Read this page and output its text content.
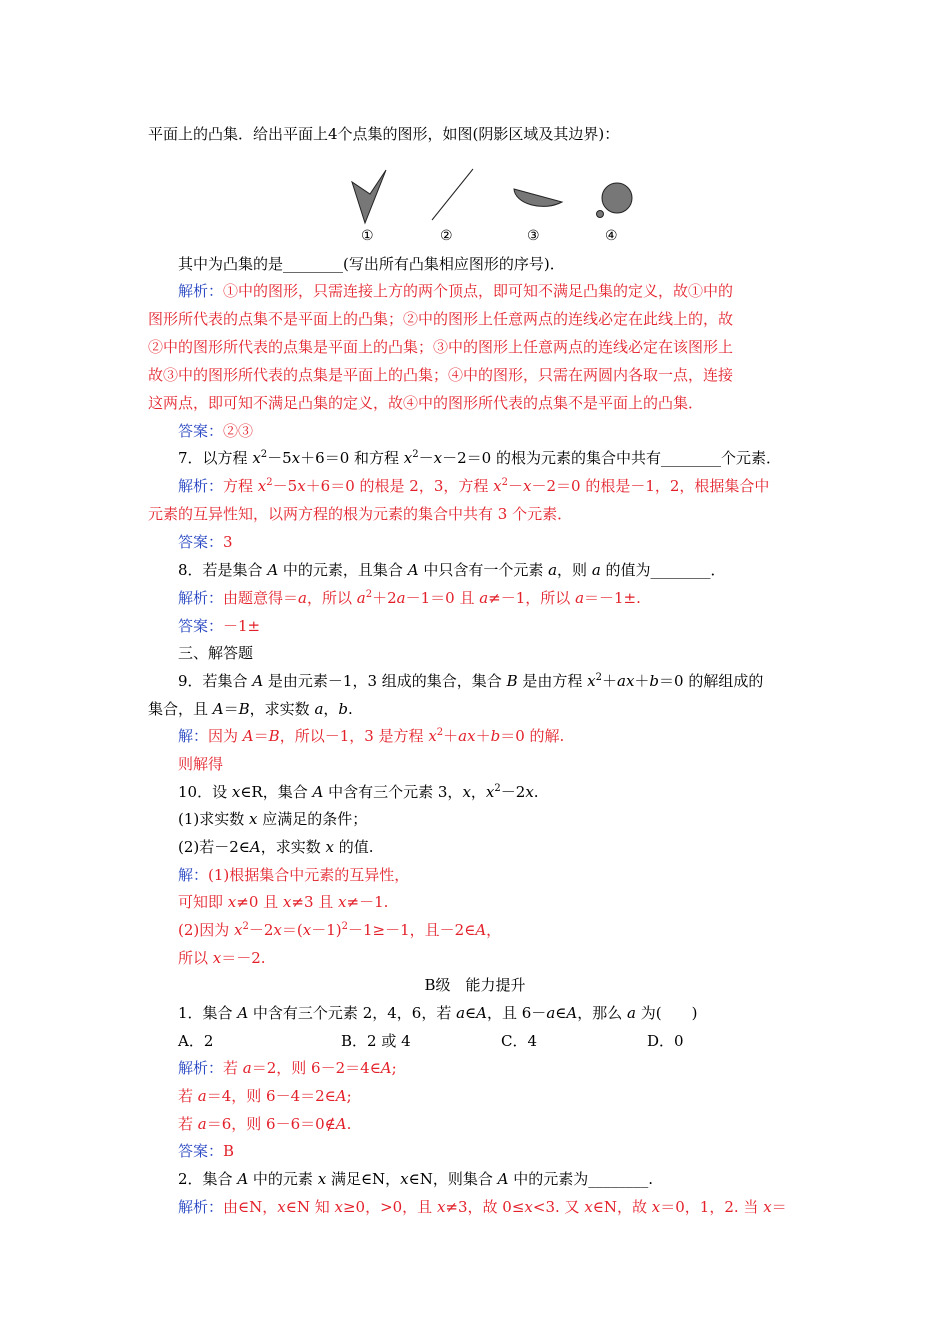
平面上的凸集．给出平面上4个点集的图形，如图(阴影区域及其边界)：
①	②	③	④
其中为凸集的是________(写出所有凸集相应图形的序号)．
解析：①中的图形，只需连接上方的两个顶点，即可知不满足凸集的定义，故①中的
图形所代表的点集不是平面上的凸集；②中的图形上任意两点的连线必定在此线上的，故
②中的图形所代表的点集是平面上的凸集；③中的图形上任意两点的连线必定在该图形上
故③中的图形所代表的点集是平面上的凸集；④中的图形，只需在两圆内各取一点，连接
这两点，即可知不满足凸集的定义，故④中的图形所代表的点集不是平面上的凸集．
答案：②③
7．以方程 $x^2-5x+6=0$ 和方程 $x^2-x-2=0$ 的根为元素的集合中共有________个元素．
解析：方程 $x^2-5x+6=0$ 的根是 2，3，方程 $x^2-x-2=0$ 的根是－1，2，根据集合中
元素的互异性知，以两方程的根为元素的集合中共有 3 个元素．
答案：3
8．若是集合 A 中的元素，且集合 A 中只含有一个元素 a，则 a 的值为________．
解析：由题意得＝a，所以 $a^2+2a-1=0$ 且 a≠－1，所以 a＝－1±.
答案：－1±
三、解答题
9．若集合 A 是由元素－1，3 组成的集合，集合 B 是由方程 $x^2+ax+b=0$ 的解组成的
集合，且 A＝B，求实数 a，b.
解：因为 A＝B，所以－1，3 是方程 $x^2+ax+b=0$ 的解.
则解得
10．设 x∈R，集合 A 中含有三个元素 3，x，$x^2-2x$.
(1)求实数 x 应满足的条件；
(2)若－2∈A，求实数 x 的值.
解：(1)根据集合中元素的互异性，
可知即 x≠0 且 x≠3 且 x≠－1.
(2)因为 $x^2-2x=(x-1)^2-1\ge-1$，且－2∈A，
所以 x＝－2.
B级　能力提升
1．集合 A 中含有三个元素 2，4，6，若 a∈A，且 6－a∈A，那么 a 为(　　)
A．2	B．2 或 4	C．4	D．0
解析：若 a＝2，则 6－2＝4∈A;
若 a＝4，则 6－4＝2∈A;
若 a＝6，则 6－6＝0∉A.
答案：B
2．集合 A 中的元素 x 满足∈N，x∈N，则集合 A 中的元素为________.
解析：由∈N，x∈N 知 x≥0，>0，且 x≠3，故 0≤x<3. 又 x∈N，故 x＝0，1，2. 当 x＝
